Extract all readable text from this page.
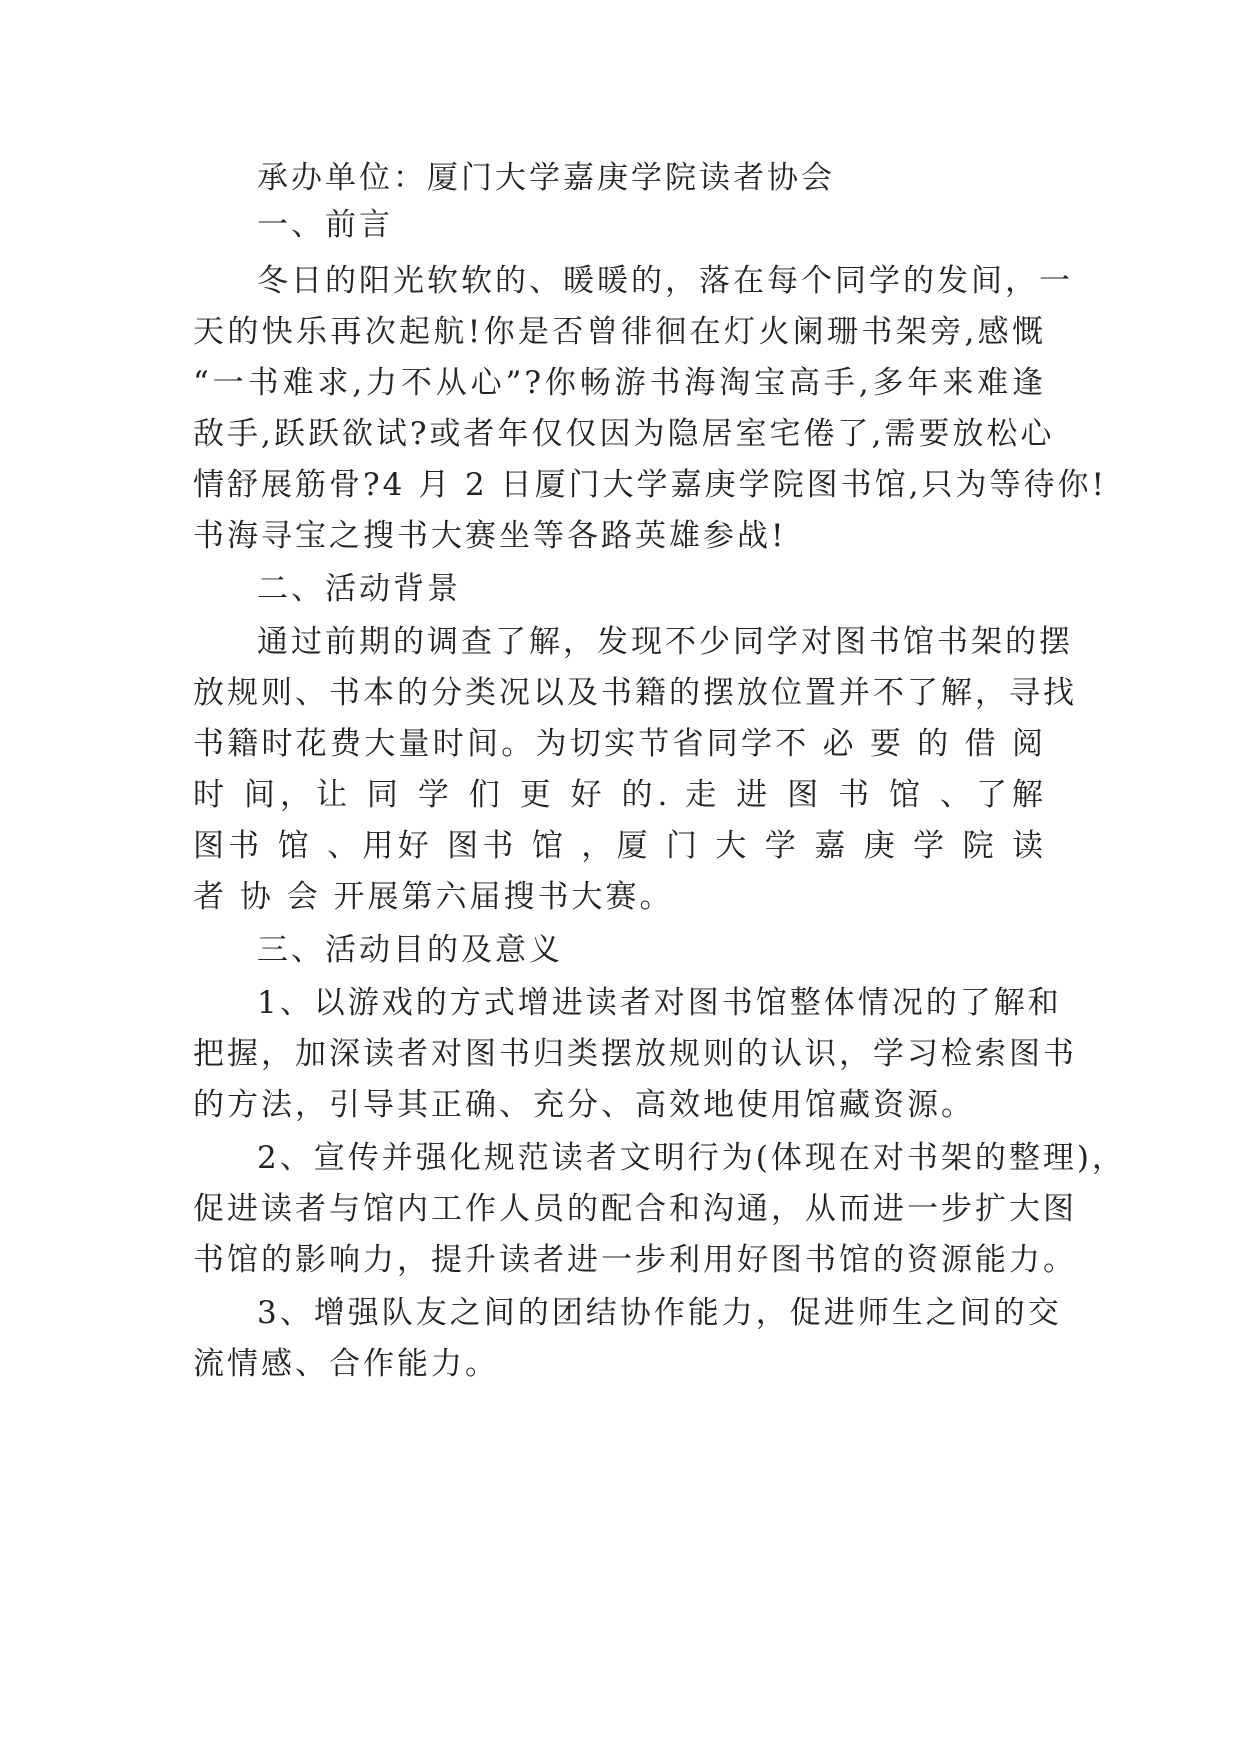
承办单位：厦门大学嘉庚学院读者协会
一、前言
冬日的阳光软软的、暖暖的，落在每个同学的发间，一
天的快乐再次起航!你是否曾徘徊在灯火阑珊书架旁,感慨
“一书难求,力不从心”?你畅游书海淘宝高手,多年来难逢
敌手,跃跃欲试?或者年仅仅因为隐居室宅倦了,需要放松心
情舒展筋骨?4 月 2 日厦门大学嘉庚学院图书馆,只为等待你!
书海寻宝之搜书大赛坐等各路英雄参战!
二、活动背景
通过前期的调查了解，发现不少同学对图书馆书架的摆
放规则、书本的分类况以及书籍的摆放位置并不了解，寻找
书籍时花费大量时间。为切实节省同学不 必 要 的 借 阅
时 间，让 同 学 们 更 好 的. 走 进 图 书 馆 、了解
图书 馆 、用好 图书 馆 ，厦 门 大 学 嘉 庚 学 院 读
者 协 会 开展第六届搜书大赛。
三、活动目的及意义
1、以游戏的方式增进读者对图书馆整体情况的了解和
把握，加深读者对图书归类摆放规则的认识，学习检索图书
的方法，引导其正确、充分、高效地使用馆藏资源。
2、宣传并强化规范读者文明行为(体现在对书架的整理)，
促进读者与馆内工作人员的配合和沟通，从而进一步扩大图
书馆的影响力，提升读者进一步利用好图书馆的资源能力。
3、增强队友之间的团结协作能力，促进师生之间的交
流情感、合作能力。
